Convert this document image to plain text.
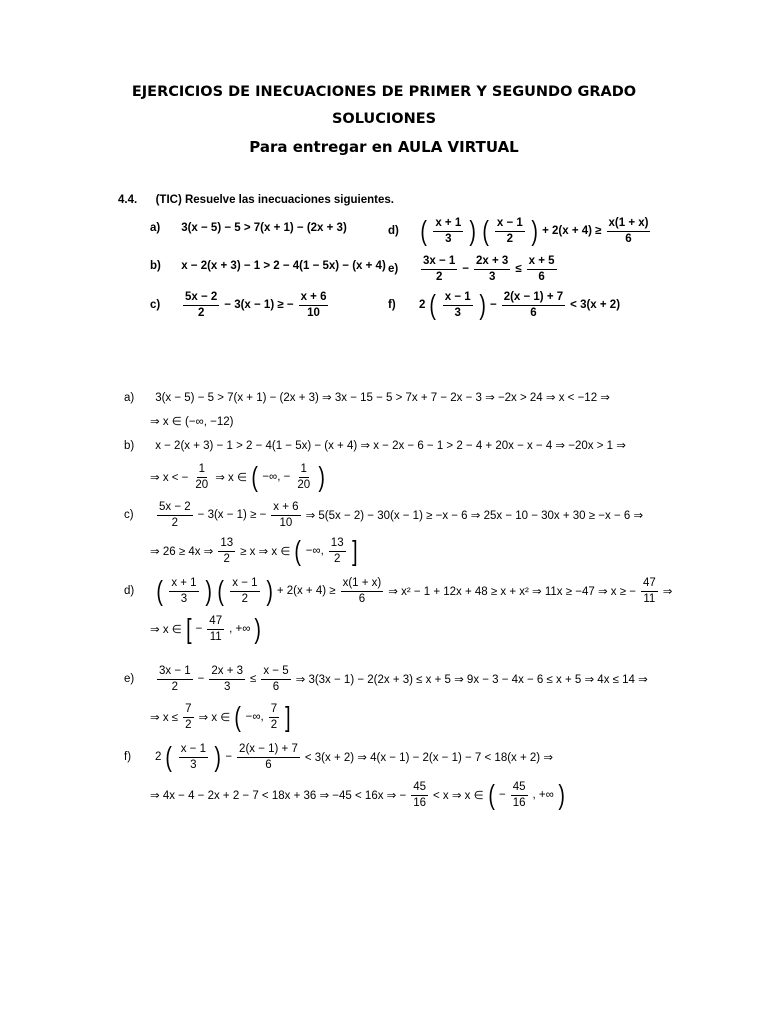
EJERCICIOS DE INECUACIONES DE PRIMER Y SEGUNDO GRADO
SOLUCIONES
Para entregar en AULA VIRTUAL
4.4. (TIC) Resuelve las inecuaciones siguientes.
a) 3(x − 5) − 5 > 7(x + 1) − (2x + 3)
b) x − 2(x + 3) − 1 > 2 − 4(1 − 5x) − (x + 4)
c)	$\frac{5x - 2}{2} - 3(x - 1)$ ≥ − $\frac{x + 6}{10}$
d) ( $\frac{x + 1}{3}$ ) ( $\frac{x - 1}{2}$ ) + $2(x + 4) \ge \frac{x(1 + x)}{6}$
e)	$\frac{3x - 1}{2} - \frac{2x + 3}{3} \le \frac{x + 5}{6}$
f)	2 ( $\frac{x - 1}{3}$ ) − $\frac{2(x - 1) + 7}{6} < 3(x + 2)$
a) 3(x − 5) − 5 > 7(x + 1) − (2x + 3) ⇒ 3x − 15 − 5 > 7x + 7 − 2x − 3 ⇒ −2x > 24 ⇒ x < −12 ⇒
⇒ x ∈ (−∞, −12)
b) x − 2(x + 3) − 1 > 2 − 4(1 − 5x) − (x + 4) ⇒ x − 2x − 6 − 1 > 2 − 4 + 20x − x − 4 ⇒ −20x > 1 ⇒
⇒ x < − $\frac{1}{20}$ ⇒ x ∈ ( −∞, − $\frac{1}{20}$ )
c)	$\frac{5x - 2}{2} - 3(x - 1)$ ≥ − $\frac{x + 6}{10}$ ⇒ 5(5x − 2) − 30(x − 1) ≥ −x − 6 ⇒ 25x − 10 − 30x + 30 ≥ −x − 6 ⇒
⇒ 26 ≥ 4x ⇒ $\frac{13}{2} \ge x$ ⇒ x ∈ ( −∞, $\frac{13}{2}$ ]
d) ( $\frac{x + 1}{3}$ ) ( $\frac{x - 1}{2}$ ) + $2(x + 4) \ge \frac{x(1 + x)}{6}$ ⇒ x² − 1 + 12x + 48 ≥ x + x² ⇒ 11x ≥ −47 ⇒ x ≥ − $\frac{47}{11}$ ⇒
⇒ x ∈ [ − $\frac{47}{11}$ , +∞ )
e)	$\frac{3x - 1}{2} - \frac{2x + 3}{3} \le \frac{x - 5}{6}$ ⇒ 3(3x − 1) − 2(2x + 3) ≤ x + 5 ⇒ 9x − 3 − 4x − 6 ≤ x + 5 ⇒ 4x ≤ 14 ⇒
⇒ $x \le \frac{7}{2}$ ⇒ x ∈ ( −∞, $\frac{7}{2}$ ]
f)	2 ( $\frac{x - 1}{3}$ ) − $\frac{2(x - 1) + 7}{6} < 3(x + 2)$ ⇒ 4(x − 1) − 2(x − 1) − 7 < 18(x + 2) ⇒
⇒ 4x − 4 − 2x + 2 − 7 < 18x + 36 ⇒ −45 < 16x ⇒ − $\frac{45}{16} < x$ ⇒ x ∈ ( − $\frac{45}{16}$ , +∞ )
